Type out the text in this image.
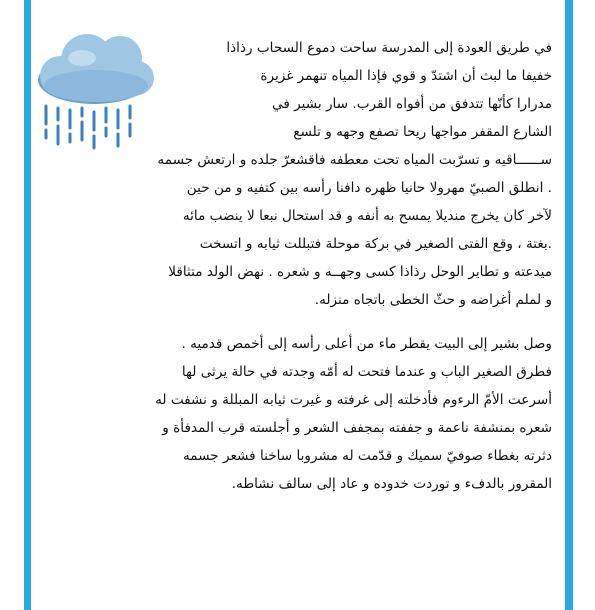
في طريق العودة إلى المدرسة ساحت دموع السحاب رذاذا
خفيفا ما لبث أن اشتدّ و قوي فإذا المياه تنهمر غزيرة
مدرارا كأنّها تتدفق من أفواه القرب. سار بشير في
الشارع المقفر مواجها ريحا تصفع وجهه و تلسع
ســــــاقيه و تسرّبت المياه تحت معطفه فاقشعرّ جلده و ارتعش جسمه
. انطلق الصبيّ مهرولا حانيا ظهره دافنا رأسه بين كتفيه و من حين
لآخر كان يخرج منديلا يمسح به أنفه و قد استحال نبعا لا ينضب مائه
.بغتة ، وقع الفتى الصغير في بركة موحلة فتبللت ثيابه و اتسخت
ميدعته و تطاير الوحل رذاذا كسى وجهــه و شعره . نهض الولد متثاقلا
و لملم أغراضه و حثّ الخطى باتجاه منزله.
وصل بشير إلى البيت يقطر ماء من أعلى رأسه إلى أخمص قدميه .
فطرق الصغير الباب و عندما فتحت له أمّه وجدته في حالة يرثى لها
أسرعت الأمّ الرءوم فأدخلته إلى غرفته و غيرت ثيابه المبللة و نشفت له
شعره بمنشفة ناعمة و جففته بمجفف الشعر و أجلسته قرب المدفأة و
دثرته بغطاء صوفيّ سميك و قدّمت له مشروبا ساخنا فشعر جسمه
المقرور بالدفء و توردت خدوده و عاد إلى سالف نشاطه.
